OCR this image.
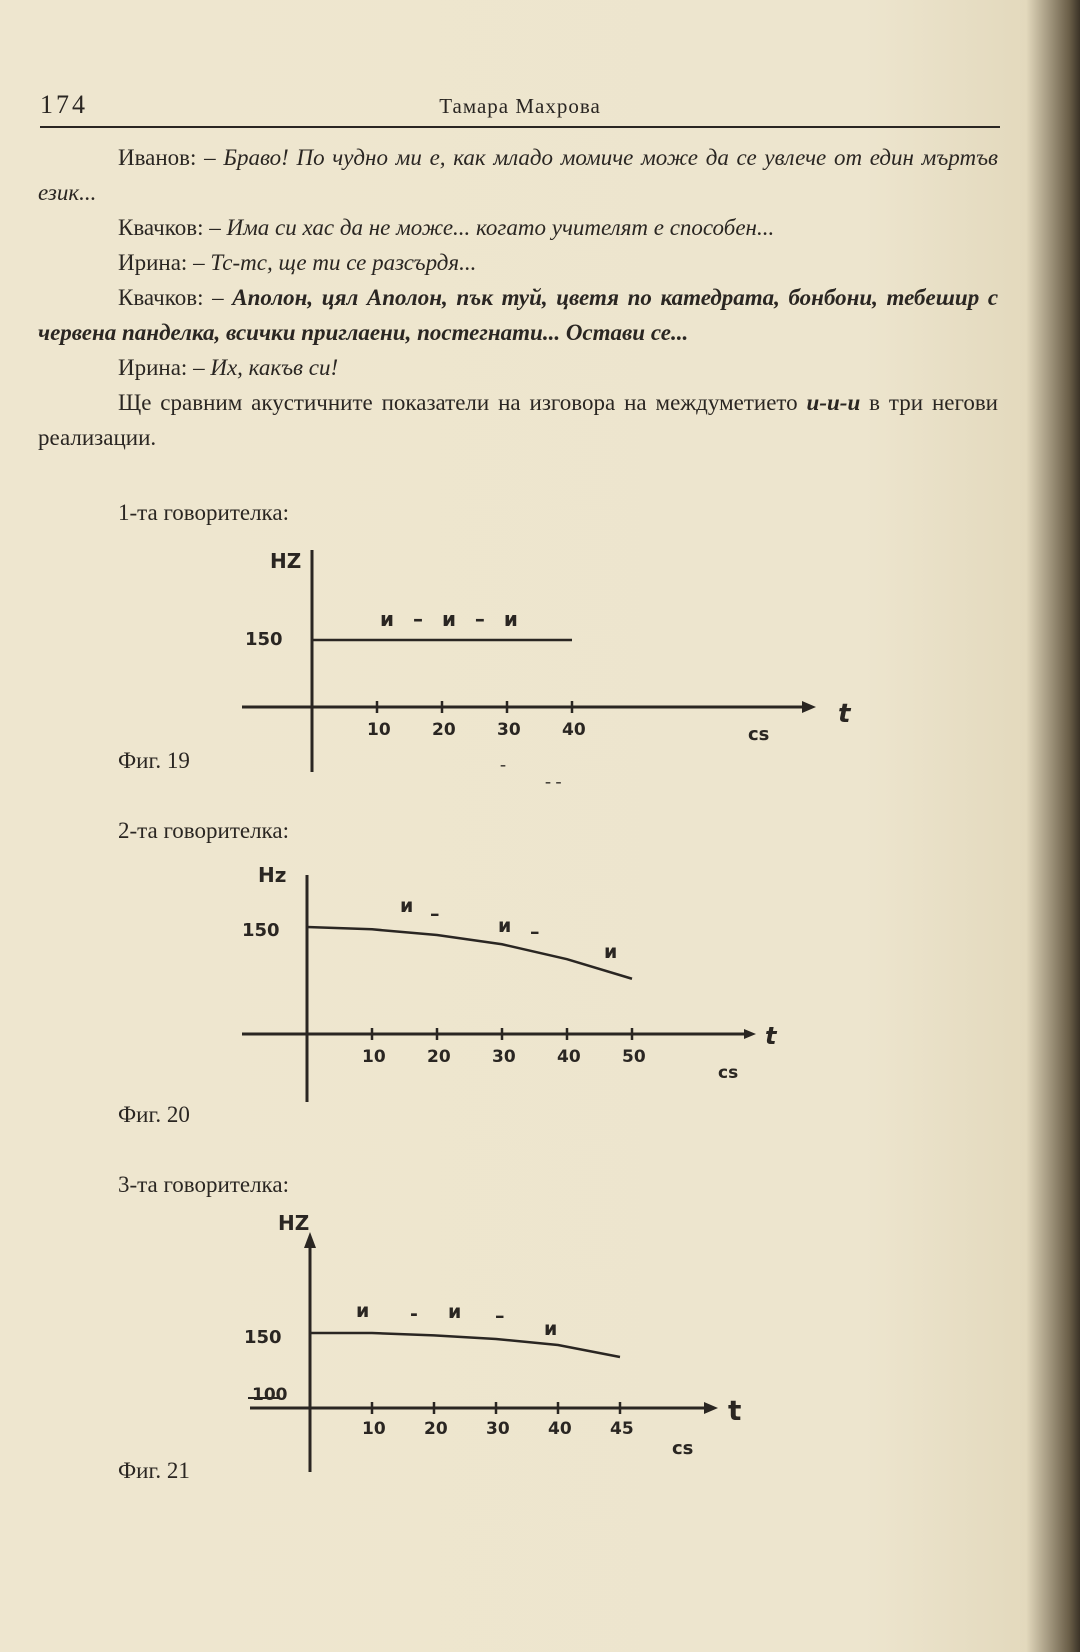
174	Тамара Махрова

Иванов: – Браво! По чудно ми е, как младо момиче може да се увлече от един мъртъв език...

Квачков: – Има си хас да не може... когато учителят е способен...

Ирина: – Тс-тс, ще ти се разсърдя...

Квачков: – Аполон, цял Аполон, пък туй, цветя по катедрата, бонбони, тебешир с червена панделка, всички приглаени, постегнати... Остави се...

Ирина: – Их, какъв си!

Ще сравним акустичните показатели на изговора на междуметието и-и-и в три негови реализации.

1-та говорителка:
Фиг. 19
2-та говорителка:
Фиг. 20
3-та говорителка:
Фиг. 21
HZ
150
t
cs
и – и – и
10 20 30 40
-
- -
Hz
150
t
cs
10 20 30 40 50
и –
и –
и
HZ
150
100	t
cs
10 20 30 40 45
и - и –
и
